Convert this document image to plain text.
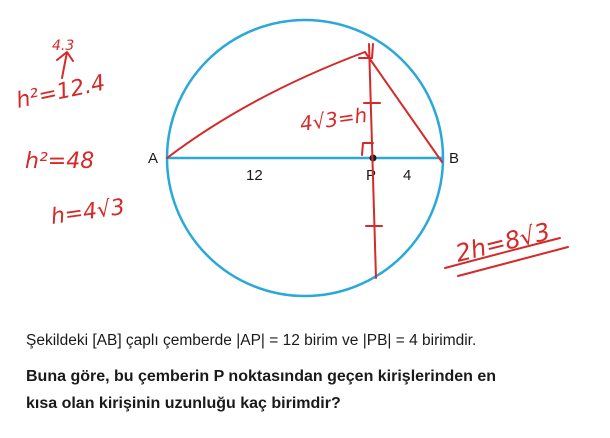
A	B
P
12	4
4.3
h²=12.4
h²=48
h=4√3
4√3=h
2h=8√3

Şekildeki [AB] çaplı çemberde |AP| = 12 birim ve |PB| = 4 birimdir.

Buna göre, bu çemberin P noktasından geçen kirişlerinden en
kısa olan kirişinin uzunluğu kaç birimdir?
